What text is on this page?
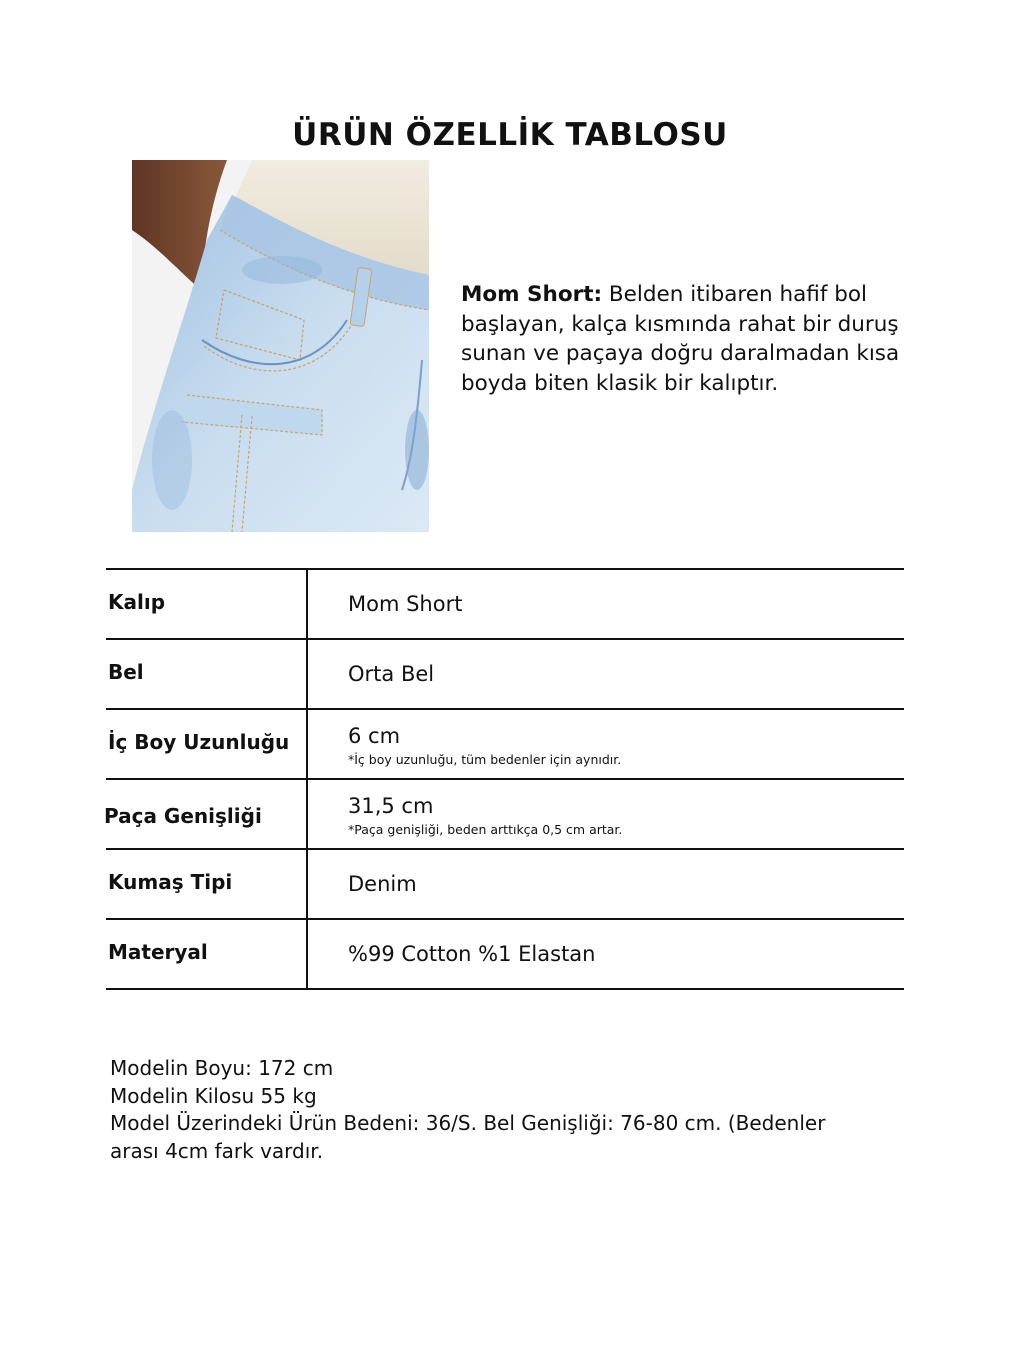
ÜRÜN ÖZELLİK TABLOSU
Mom Short: Belden itibaren hafif bol başlayan, kalça kısmında rahat bir duruş sunan ve paçaya doğru daralmadan kısa boyda biten klasik bir kalıptır.
Kalıp	Mom Short
Bel	Orta Bel
İç Boy Uzunluğu	6 cm
*İç boy uzunluğu, tüm bedenler için aynıdır.
Paça Genişliği	31,5 cm
*Paça genişliği, beden arttıkça 0,5 cm artar.
Kumaş Tipi	Denim
Materyal	%99 Cotton %1 Elastan
Modelin Boyu: 172 cm
Modelin Kilosu 55 kg
Model Üzerindeki Ürün Bedeni: 36/S. Bel Genişliği: 76-80 cm. (Bedenler
arası 4cm fark vardır.
